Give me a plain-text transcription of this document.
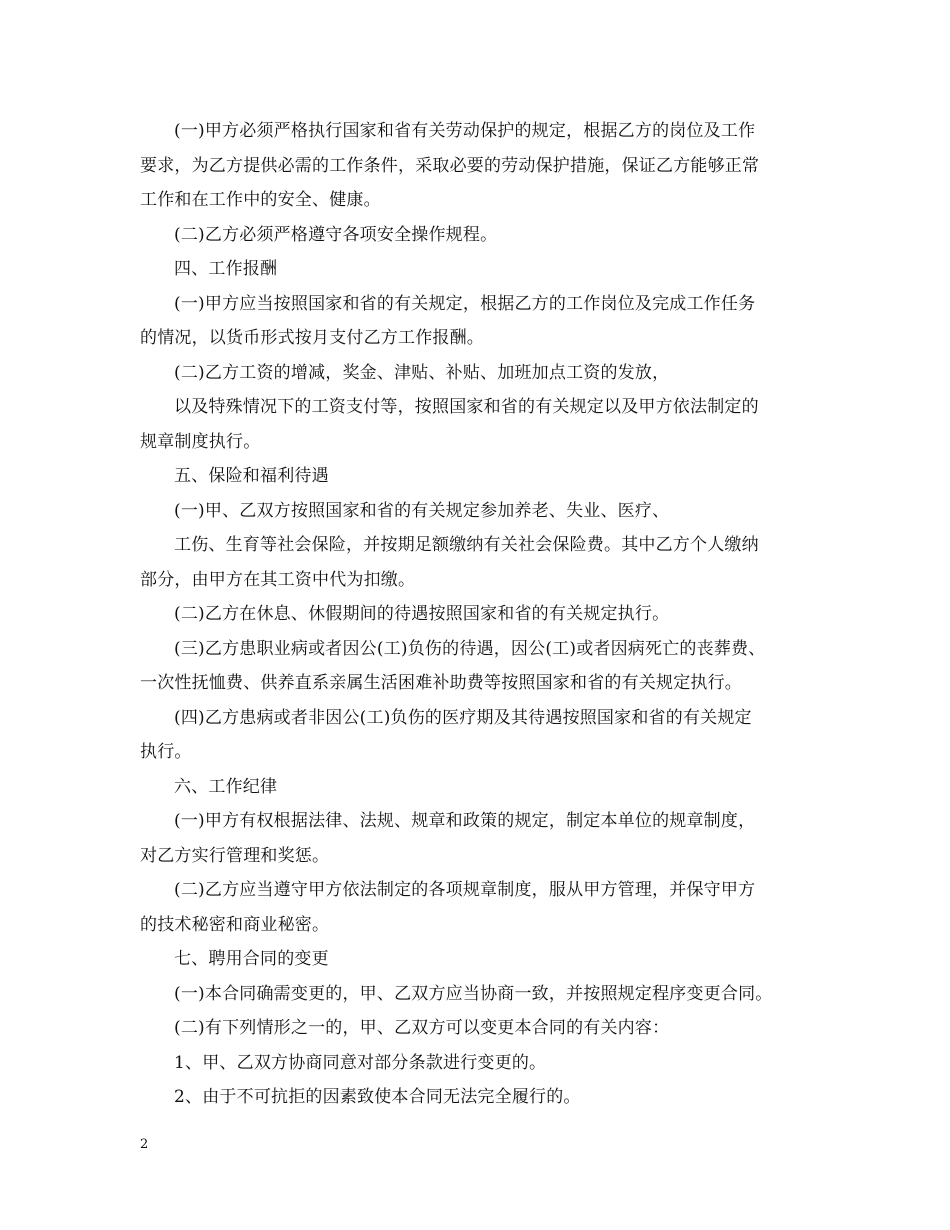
(一)甲方必须严格执行国家和省有关劳动保护的规定，根据乙方的岗位及工作
要求，为乙方提供必需的工作条件，采取必要的劳动保护措施，保证乙方能够正常
工作和在工作中的安全、健康。
(二)乙方必须严格遵守各项安全操作规程。
四、工作报酬
(一)甲方应当按照国家和省的有关规定，根据乙方的工作岗位及完成工作任务
的情况，以货币形式按月支付乙方工作报酬。
(二)乙方工资的增减，奖金、津贴、补贴、加班加点工资的发放，
以及特殊情况下的工资支付等，按照国家和省的有关规定以及甲方依法制定的
规章制度执行。
五、保险和福利待遇
(一)甲、乙双方按照国家和省的有关规定参加养老、失业、医疗、
工伤、生育等社会保险，并按期足额缴纳有关社会保险费。其中乙方个人缴纳
部分，由甲方在其工资中代为扣缴。
(二)乙方在休息、休假期间的待遇按照国家和省的有关规定执行。
(三)乙方患职业病或者因公(工)负伤的待遇，因公(工)或者因病死亡的丧葬费、
一次性抚恤费、供养直系亲属生活困难补助费等按照国家和省的有关规定执行。
(四)乙方患病或者非因公(工)负伤的医疗期及其待遇按照国家和省的有关规定
执行。
六、工作纪律
(一)甲方有权根据法律、法规、规章和政策的规定，制定本单位的规章制度，
对乙方实行管理和奖惩。
(二)乙方应当遵守甲方依法制定的各项规章制度，服从甲方管理，并保守甲方
的技术秘密和商业秘密。
七、聘用合同的变更
(一)本合同确需变更的，甲、乙双方应当协商一致，并按照规定程序变更合同。
(二)有下列情形之一的，甲、乙双方可以变更本合同的有关内容：
1、甲、乙双方协商同意对部分条款进行变更的。
2、由于不可抗拒的因素致使本合同无法完全履行的。
2
